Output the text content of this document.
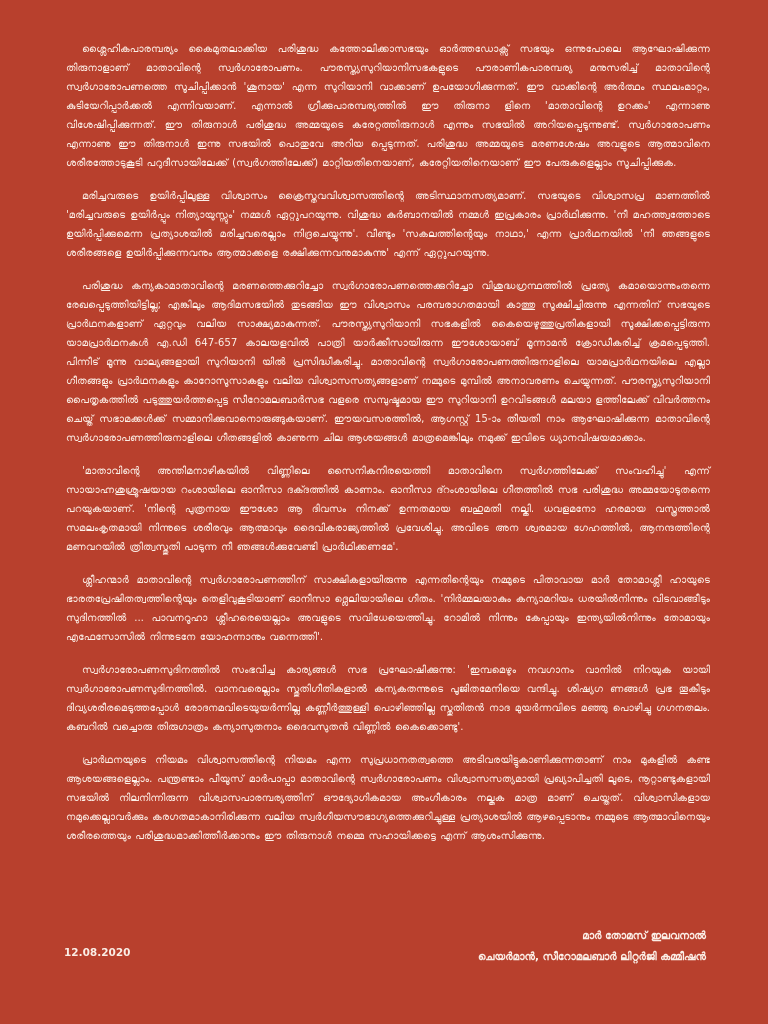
ശ്ലൈഹികപാരമ്പര്യം കൈമുതലാക്കിയ പരിശുദ്ധ കത്തോലിക്കാസഭയും ഓർത്തഡോക്സ് സഭയും ഒന്നുപോലെ ആഘോഷിക്കുന്ന തിരുനാളാണ് മാതാവിന്റെ സ്വർഗാരോപണം. പൗരസ്ത്യസുറിയാനിസഭകളുടെ പൗരാണികപാരമ്പര്യ മനുസരിച്ച് മാതാവിന്റെ സ്വർഗാരോപണത്തെ സൂചിപ്പിക്കാൻ 'ശൂനായ' എന്ന സുറിയാനി വാക്കാണ് ഉപയോഗിക്കുന്നത്. ഈ വാക്കിന്റെ അർത്ഥം സ്ഥലംമാറ്റം, കുടിയേറിപ്പാർക്കൽ എന്നിവയാണ്. എന്നാൽ ഗ്രീക്കുപാരമ്പര്യത്തിൽ ഈ തിരുനാ ളിനെ 'മാതാവിന്റെ ഉറക്കം' എന്നാണു വിശേഷിപ്പിക്കുന്നത്. ഈ തിരുനാൾ പരിശുദ്ധ അമ്മയുടെ കരേറ്റത്തിരുനാൾ എന്നും സഭയിൽ അറിയപ്പെടുന്നുണ്ട്. സ്വർഗാരോപണം എന്നാണു ഈ തിരുനാൾ ഇന്നു സഭയിൽ പൊതുവേ അറിയ പ്പെടുന്നത്. പരിശുദ്ധ അമ്മയുടെ മരണശേഷം അവളുടെ ആത്മാവിനെ ശരീരത്തോടുകൂടി പറുദീസായിലേക്ക് (സ്വർഗത്തിലേക്ക്) മാറ്റിയതിനെയാണ്, കരേറ്റിയതിനെയാണ് ഈ പേരുകളെല്ലാം സൂചിപ്പിക്കുക.

മരിച്ചവരുടെ ഉയിർപ്പിലുള്ള വിശ്വാസം ക്രൈസ്തവവിശ്വാസത്തിന്റെ അടിസ്ഥാനസത്യമാണ്. സഭയുടെ വിശ്വാസപ്ര മാണത്തിൽ 'മരിച്ചവരുടെ ഉയിർപ്പും നിത്യായുസ്സും' നമ്മൾ ഏറ്റുപറയുന്നു. വിശുദ്ധ കുർബാനയിൽ നമ്മൾ ഇപ്രകാരം പ്രാർഥിക്കുന്നു. 'നീ മഹത്ത്വത്തോടെ ഉയിർപ്പിക്കുമെന്ന പ്രത്യാശയിൽ മരിച്ചവരെല്ലാം നിദ്രചെയ്യുന്നു'. വീണ്ടും 'സകലത്തിന്റെയും നാഥാ,' എന്ന പ്രാർഥനയിൽ 'നീ ഞങ്ങളുടെ ശരീരങ്ങളെ ഉയിർപ്പിക്കുന്നവനും ആത്മാക്കളെ രക്ഷിക്കുന്നവനുമാകുന്നു' എന്ന് ഏറ്റുപറയുന്നു.

പരിശുദ്ധ കന്യകാമാതാവിന്റെ മരണത്തെക്കുറിച്ചോ സ്വർഗാരോപണത്തെക്കുറിച്ചോ വിശുദ്ധഗ്രന്ഥത്തിൽ പ്രത്യേ കമായൊന്നുംതന്നെ രേഖപ്പെടുത്തിയിട്ടില്ല; എങ്കിലും ആദിമസഭയിൽ തുടങ്ങിയ ഈ വിശ്വാസം പരമ്പരാഗതമായി കാത്തു സൂക്ഷിച്ചിരുന്നു എന്നതിന് സഭയുടെ പ്രാർഥനകളാണ് ഏറ്റവും വലിയ സാക്ഷ്യമാകുന്നത്. പൗരസ്ത്യസുറിയാനി സഭകളിൽ കൈയെഴുത്തുപ്രതികളായി സൂക്ഷിക്കപ്പെട്ടിരുന്ന യാമപ്രാർഥനകൾ എ.ഡി 647-657 കാലയളവിൽ പാത്രി യാർക്കീസായിരുന്ന ഈശോയാബ് മൂന്നാമൻ ക്രോഡീകരിച്ച് ക്രമപ്പെടുത്തി. പിന്നീട് മൂന്നു വാല്യങ്ങളായി സുറിയാനി യിൽ പ്രസിദ്ധീകരിച്ചു. മാതാവിന്റെ സ്വർഗാരോപണത്തിരുനാളിലെ യാമപ്രാർഥനയിലെ എല്ലാ ഗീതങ്ങളും പ്രാർഥനകളും കാറോസൂസാകളും വലിയ വിശ്വാസസത്യങ്ങളാണ് നമ്മുടെ മുമ്പിൽ അനാവരണം ചെയ്യുന്നത്. പൗരസ്ത്യസുറിയാനി പൈതൃകത്തിൽ പടുത്തുയർത്തപ്പെട്ട സീറോമലബാർസഭ വളരെ സമ്പുഷ്ടമായ ഈ സുറിയാനി ഉറവിടങ്ങൾ മലയാ ളത്തിലേക്ക് വിവർത്തനം ചെയ്ത് സഭാമക്കൾക്ക് സമ്മാനിക്കുവാനൊരുങ്ങുകയാണ്. ഈയവസരത്തിൽ, ആഗസ്റ്റ് 15-ാം തീയതി നാം ആഘോഷിക്കുന്ന മാതാവിന്റെ സ്വർഗാരോപണത്തിരുനാളിലെ ഗീതങ്ങളിൽ കാണുന്ന ചില ആശയങ്ങൾ മാത്രമെങ്കിലും നമുക്ക് ഇവിടെ ധ്യാനവിഷയമാക്കാം.

'മാതാവിന്റെ അന്തിമനാഴികയിൽ വിണ്ണിലെ സൈനികനിരയെത്തി മാതാവിനെ സ്വർഗത്തിലേക്ക് സംവഹിച്ചു' എന്ന് സായാഹ്നശുശ്രൂഷയായ റംശായിലെ ഓനീസാ ദക്ദത്തിൽ കാണാം. ഓനീസാ ദ്റംശായിലെ ഗീതത്തിൽ സഭ പരിശുദ്ധ അമ്മയോടുതന്നെ പറയുകയാണ്. 'നിന്റെ പുത്രനായ ഈശോ ആ ദിവസം നിനക്ക് ഉന്നതമായ ബഹുമതി നല്കി. ധവളമനോ ഹരമായ വസ്ത്രത്താൽ സമലംകൃതമായി നിന്നുടെ ശരീരവും ആത്മാവും ദൈവികരാജ്യത്തിൽ പ്രവേശിച്ചു. അവിടെ അന ശ്വരമായ ഗേഹത്തിൽ, ആനന്ദത്തിന്റെ മണവറയിൽ ത്രിത്വസ്തുതി പാടുന്ന നീ ഞങ്ങൾക്കുവേണ്ടി പ്രാർഥിക്കണമേ'.

ശ്ലീഹന്മാർ മാതാവിന്റെ സ്വർഗാരോപണത്തിന് സാക്ഷികളായിരുന്നു എന്നതിന്റെയും നമ്മുടെ പിതാവായ മാർ തോമാശ്ലീ ഹായുടെ ഭാരതപ്രേഷിതത്വത്തിന്റെയും തെളിവുകൂടിയാണ് ഓനീസാ ദ്ലെലിയായിലെ ഗീതം. 'നിർമ്മലയാകും കന്യാമറിയം ധരയിൽനിന്നും വിടവാങ്ങീടും സുദിനത്തിൽ ... പാവനറൂഹാ ശ്ലീഹരെയെല്ലാം അവളുടെ സവിധേയെത്തിച്ചു. റോമിൽ നിന്നും കേപ്പായും ഇന്ത്യയിൽനിന്നും തോമായും എഫേസോസിൽ നിന്നുടനേ യോഹന്നാനും വന്നെത്തി'.

സ്വർഗാരോപണസുദിനത്തിൽ സംഭവിച്ച കാര്യങ്ങൾ സഭ പ്രഘോഷിക്കുന്നു: 'ഇമ്പമെഴും നവഗാനം വാനിൽ നിറയുക യായി സ്വർഗാരോപണസുദിനത്തിൽ. വാനവരെല്ലാം സ്തുതിഗീതികളാൽ കന്യകതന്നുടെ പൂജിതമേനിയെ വന്ദിച്ചു. ശിഷ്യഗ ണങ്ങൾ പ്രഭ തൂകീടും ദിവ്യശരീരമെടുത്തപ്പോൾ രോദനമവിടെയുയർന്നില്ല കണ്ണീർത്തുള്ളി പൊഴിഞ്ഞില്ല സ്തുതിതൻ നാദ മുയർന്നവിടെ മഞ്ഞു പൊഴിച്ചു ഗഗനതലം. കബറിൽ വച്ചൊരു തിരുഗാത്രം കന്യാസുതനാം ദൈവസുതൻ വിണ്ണിൽ കൈക്കൊണ്ടു'.

പ്രാർഥനയുടെ നിയമം വിശ്വാസത്തിന്റെ നിയമം എന്ന സുപ്രധാനതത്വത്തെ അടിവരയിട്ടുകാണിക്കുന്നതാണ് നാം മുകളിൽ കണ്ട ആശയങ്ങളെല്ലാം. പന്ത്രണ്ടാം പീയൂസ് മാർപാപ്പാ മാതാവിന്റെ സ്വർഗാരോപണം വിശ്വാസസത്യമായി പ്രഖ്യാപിച്ചതി ലൂടെ, നൂറ്റാണ്ടുകളായി സഭയിൽ നിലനിന്നിരുന്ന വിശ്വാസപാരമ്പര്യത്തിന് ഔദ്യോഗികമായ അംഗീകാരം നല്കുക മാത്ര മാണ് ചെയ്തത്. വിശ്വാസികളായ നമുക്കെല്ലാവർക്കും കരഗതമാകാനിരിക്കുന്ന വലിയ സ്വർഗീയസൗഭാഗ്യത്തെക്കുറിച്ചുള്ള പ്രത്യാശയിൽ ആഴപ്പെടാനും നമ്മുടെ ആത്മാവിനെയും ശരീരത്തെയും പരിശുദ്ധമാക്കിത്തീർക്കാനും ഈ തിരുനാൾ നമ്മെ സഹായിക്കട്ടെ എന്ന് ആശംസിക്കുന്നു.

മാർ തോമസ് ഇലവനാൽ
ചെയർമാൻ, സീറോമലബാർ ലിറ്റർജി കമ്മീഷൻ
12.08.2020
